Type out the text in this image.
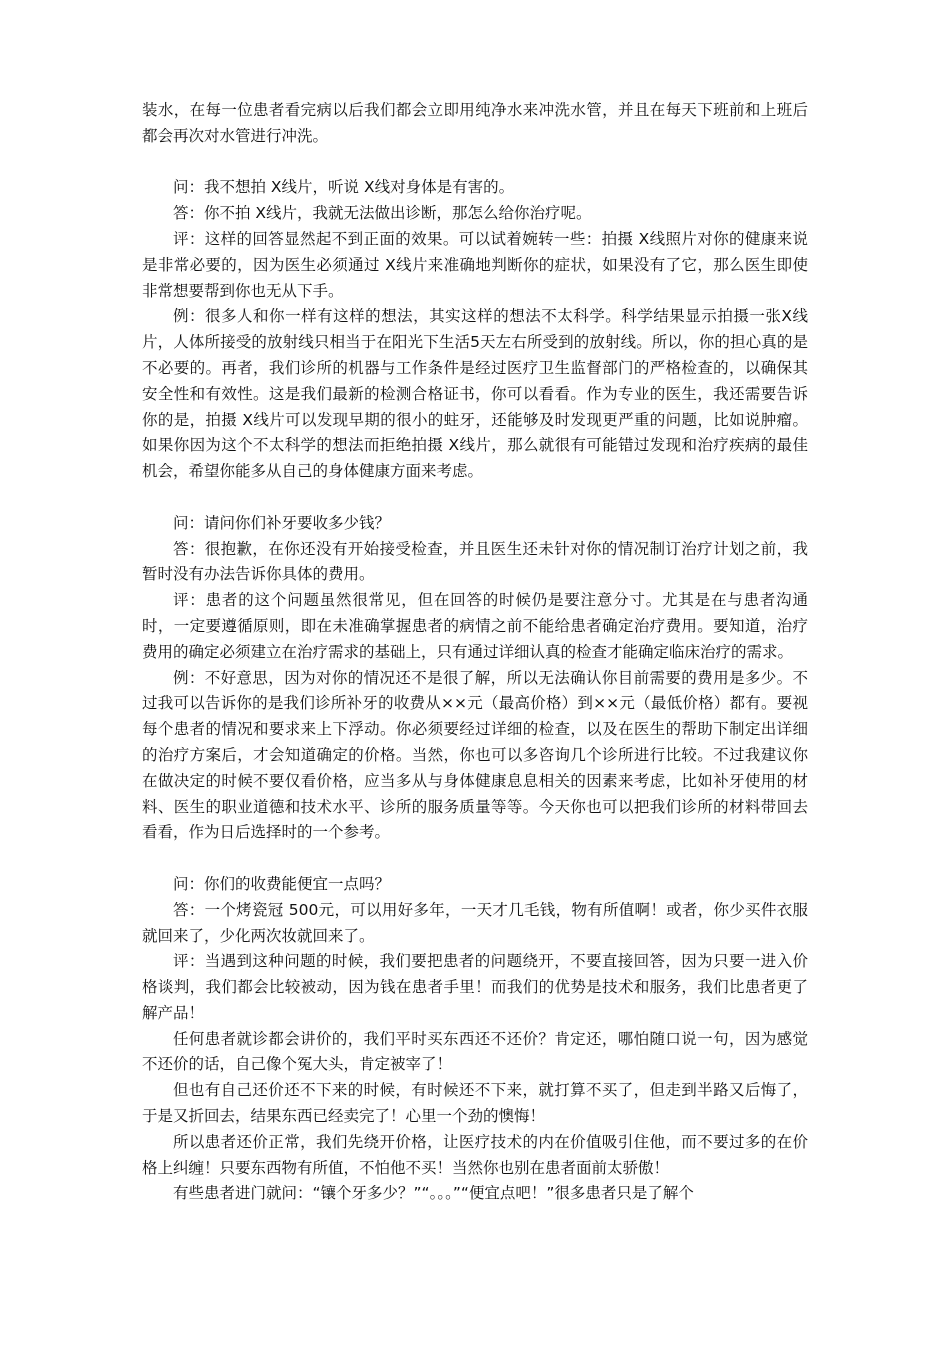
装水，在每一位患者看完病以后我们都会立即用纯净水来冲洗水管，并且在每天下班前和上班后都会再次对水管进行冲洗。

问：我不想拍 X线片，听说 X线对身体是有害的。

答：你不拍 X线片，我就无法做出诊断，那怎么给你治疗呢。

评：这样的回答显然起不到正面的效果。可以试着婉转一些：拍摄 X线照片对你的健康来说是非常必要的，因为医生必须通过 X线片来准确地判断你的症状，如果没有了它，那么医生即使非常想要帮到你也无从下手。

例：很多人和你一样有这样的想法，其实这样的想法不太科学。科学结果显示拍摄一张X线片，人体所接受的放射线只相当于在阳光下生活5天左右所受到的放射线。所以，你的担心真的是不必要的。再者，我们诊所的机器与工作条件是经过医疗卫生监督部门的严格检查的，以确保其安全性和有效性。这是我们最新的检测合格证书，你可以看看。作为专业的医生，我还需要告诉你的是，拍摄 X线片可以发现早期的很小的蛀牙，还能够及时发现更严重的问题，比如说肿瘤。如果你因为这个不太科学的想法而拒绝拍摄 X线片，那么就很有可能错过发现和治疗疾病的最佳机会，希望你能多从自己的身体健康方面来考虑。

问：请问你们补牙要收多少钱？

答：很抱歉，在你还没有开始接受检查，并且医生还未针对你的情况制订治疗计划之前，我暂时没有办法告诉你具体的费用。

评：患者的这个问题虽然很常见，但在回答的时候仍是要注意分寸。尤其是在与患者沟通时，一定要遵循原则，即在未准确掌握患者的病情之前不能给患者确定治疗费用。要知道，治疗费用的确定必须建立在治疗需求的基础上，只有通过详细认真的检查才能确定临床治疗的需求。

例：不好意思，因为对你的情况还不是很了解，所以无法确认你目前需要的费用是多少。不过我可以告诉你的是我们诊所补牙的收费从××元（最高价格）到××元（最低价格）都有。要视每个患者的情况和要求来上下浮动。你必须要经过详细的检查，以及在医生的帮助下制定出详细的治疗方案后，才会知道确定的价格。当然，你也可以多咨询几个诊所进行比较。不过我建议你在做决定的时候不要仅看价格，应当多从与身体健康息息相关的因素来考虑，比如补牙使用的材料、医生的职业道德和技术水平、诊所的服务质量等等。今天你也可以把我们诊所的材料带回去看看，作为日后选择时的一个参考。

问：你们的收费能便宜一点吗？

答：一个烤瓷冠 500元，可以用好多年，一天才几毛钱，物有所值啊！或者，你少买件衣服就回来了，少化两次妆就回来了。

评：当遇到这种问题的时候，我们要把患者的问题绕开，不要直接回答，因为只要一进入价格谈判，我们都会比较被动，因为钱在患者手里！而我们的优势是技术和服务，我们比患者更了解产品！

任何患者就诊都会讲价的，我们平时买东西还不还价？肯定还，哪怕随口说一句，因为感觉不还价的话，自己像个冤大头，肯定被宰了！

但也有自己还价还不下来的时候，有时候还不下来，就打算不买了，但走到半路又后悔了，于是又折回去，结果东西已经卖完了！心里一个劲的懊悔！

所以患者还价正常，我们先绕开价格，让医疗技术的内在价值吸引住他，而不要过多的在价格上纠缠！只要东西物有所值，不怕他不买！当然你也别在患者面前太骄傲！

有些患者进门就问：“镶个牙多少？”“。。。”“便宜点吧！”很多患者只是了解个
